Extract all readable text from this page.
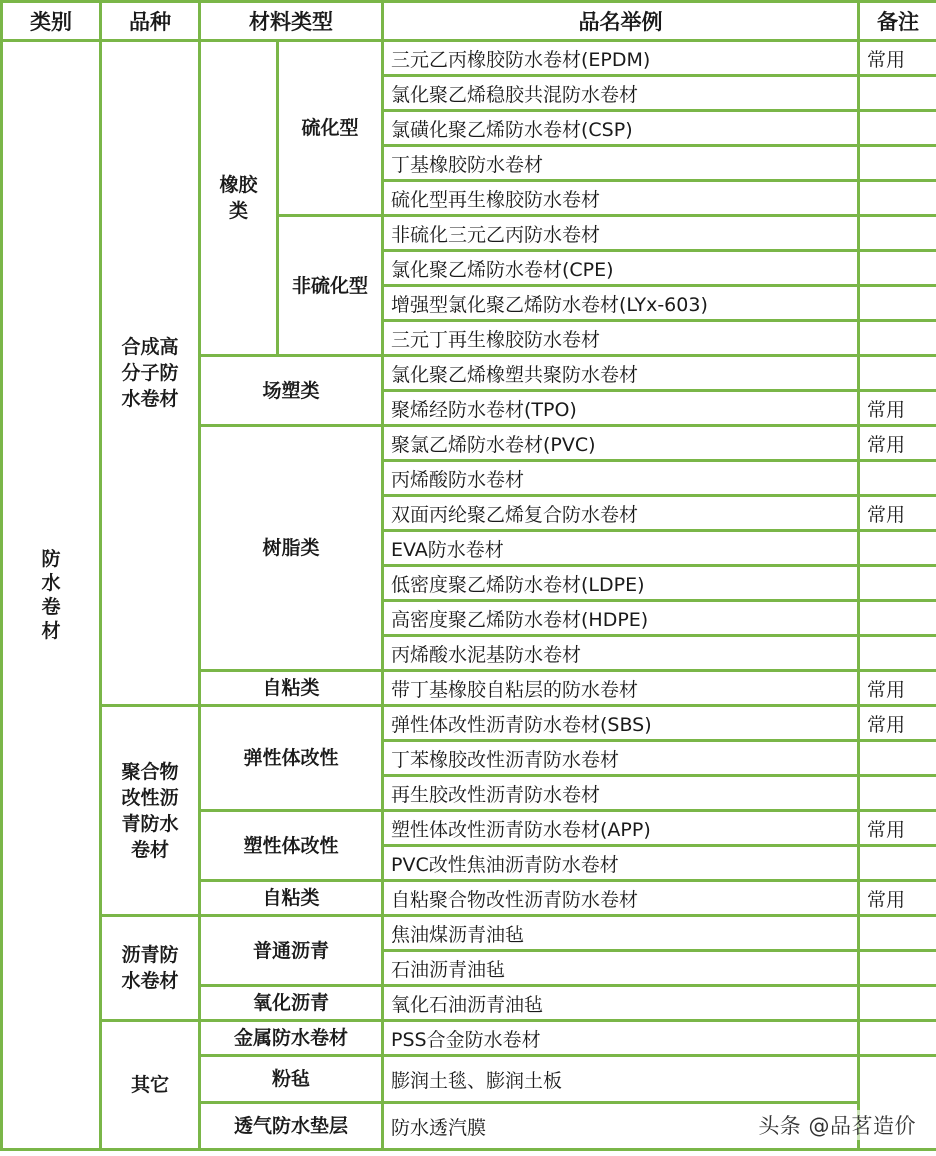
类别	品种	材料类型		品名举例	备注
防水卷材	合成高分子防水卷材	橡胶类	硫化型	三元乙丙橡胶防水卷材(EPDM)	常用
				氯化聚乙烯稳胶共混防水卷材	
				氯磺化聚乙烯防水卷材(CSP)	
				丁基橡胶防水卷材	
				硫化型再生橡胶防水卷材	
			非硫化型	非硫化三元乙丙防水卷材	
				氯化聚乙烯防水卷材(CPE)	
				增强型氯化聚乙烯防水卷材(LYx-603)	
				三元丁再生橡胶防水卷材	
		场塑类		氯化聚乙烯橡塑共聚防水卷材	
				聚烯经防水卷材(TPO)	常用
		树脂类		聚氯乙烯防水卷材(PVC)	常用
				丙烯酸防水卷材	
				双面丙纶聚乙烯复合防水卷材	常用
				EVA防水卷材	
				低密度聚乙烯防水卷材(LDPE)	
				高密度聚乙烯防水卷材(HDPE)	
				丙烯酸水泥基防水卷材	
		自粘类		带丁基橡胶自粘层的防水卷材	常用
	聚合物改性沥青防水卷材	弹性体改性		弹性体改性沥青防水卷材(SBS)	常用
				丁苯橡胶改性沥青防水卷材	
				再生胶改性沥青防水卷材	
		塑性体改性		塑性体改性沥青防水卷材(APP)	常用
				PVC改性焦油沥青防水卷材	
		自粘类		自粘聚合物改性沥青防水卷材	常用
	沥青防水卷材	普通沥青		焦油煤沥青油毡	
				石油沥青油毡	
		氧化沥青		氧化石油沥青油毡	
	其它	金属防水卷材		PSS合金防水卷材	
		粉毡		膨润土毯、膨润土板	
		透气防水垫层		防水透汽膜		头条 @品茗造价
